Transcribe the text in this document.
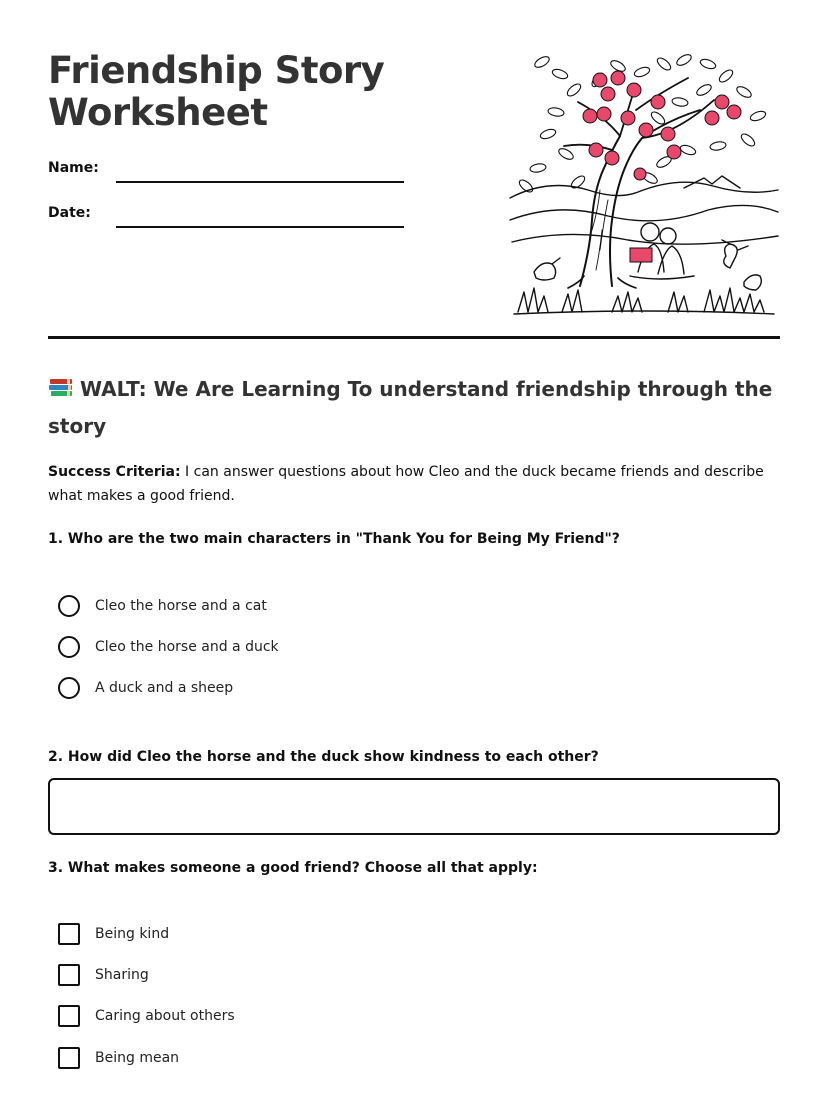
Friendship Story
Worksheet
Name:
Date:
WALT: We Are Learning To understand friendship through the story
Success Criteria: I can answer questions about how Cleo and the duck became friends and describe what makes a good friend.
1. Who are the two main characters in "Thank You for Being My Friend"?
Cleo the horse and a cat
Cleo the horse and a duck
A duck and a sheep
2. How did Cleo the horse and the duck show kindness to each other?
3. What makes someone a good friend? Choose all that apply:
Being kind
Sharing
Caring about others
Being mean
